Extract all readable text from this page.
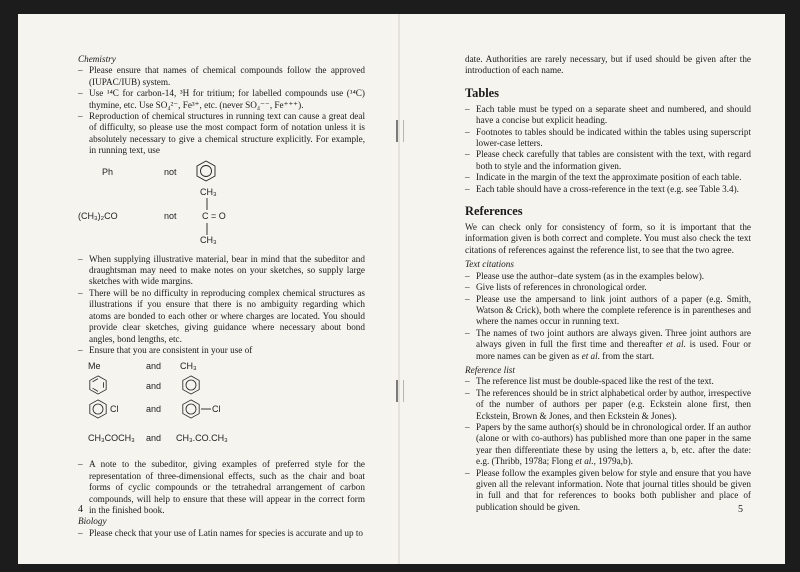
Chemistry

– Please ensure that names of chemical compounds follow the approved (IUPAC/IUB) system.
– Use ¹⁴C for carbon-14, ³H for tritium; for labelled compounds use (¹⁴C) thymine, etc. Use SO₄²⁻, Fe³⁺, etc. (never SO₄⁻⁻, Fe⁺⁺⁺).
– Reproduction of chemical structures in running text can cause a great deal of difficulty, so please use the most compact form of notation unless it is absolutely necessary to give a chemical structure explicitly. For example, in running text, use
Ph	not
CH₃
(CH₃)₂CO	not	C = O
CH₃
– When supplying illustrative material, bear in mind that the subeditor and draughtsman may need to make notes on your sketches, so supply large sketches with wide margins.
– There will be no difficulty in reproducing complex chemical structures as illustrations if you ensure that there is no ambiguity regarding which atoms are bonded to each other or where charges are located. You should provide clear sketches, giving guidance where necessary about bond angles, bond lengths, etc.
– Ensure that you are consistent in your use of
Me	and CH₃
and
Cl	and	Cl
CH₃COCH₃ and CH₃.CO.CH₃
– A note to the subeditor, giving examples of preferred style for the representation of three-dimensional effects, such as the chair and boat forms of cyclic compounds or the tetrahedral arrangement of carbon compounds, will help to ensure that these will appear in the correct form in the finished book.

Biology

– Please check that your use of Latin names for species is accurate and up to
4

date. Authorities are rarely necessary, but if used should be given after the introduction of each name.

Tables

– Each table must be typed on a separate sheet and numbered, and should have a concise but explicit heading.
– Footnotes to tables should be indicated within the tables using superscript lower-case letters.
– Please check carefully that tables are consistent with the text, with regard both to style and the information given.
– Indicate in the margin of the text the approximate position of each table.
– Each table should have a cross-reference in the text (e.g. see Table 3.4).

References

We can check only for consistency of form, so it is important that the information given is both correct and complete. You must also check the text citations of references against the reference list, to see that the two agree.

Text citations

– Please use the author–date system (as in the examples below).
– Give lists of references in chronological order.
– Please use the ampersand to link joint authors of a paper (e.g. Smith, Watson & Crick), both where the complete reference is in parentheses and where the names occur in running text.
– The names of two joint authors are always given. Three joint authors are always given in full the first time and thereafter et al. is used. Four or more names can be given as et al. from the start.

Reference list

– The reference list must be double-spaced like the rest of the text.
– The references should be in strict alphabetical order by author, irrespective of the number of authors per paper (e.g. Eckstein alone first, then Eckstein, Brown & Jones, and then Eckstein & Jones).
– Papers by the same author(s) should be in chronological order. If an author (alone or with co-authors) has published more than one paper in the same year then differentiate these by using the letters a, b, etc. after the date: e.g. (Thribb, 1978a; Flong et al., 1979a,b).
– Please follow the examples given below for style and ensure that you have given all the relevant information. Note that journal titles should be given in full and that for references to books both publisher and place of publication should be given.	5
